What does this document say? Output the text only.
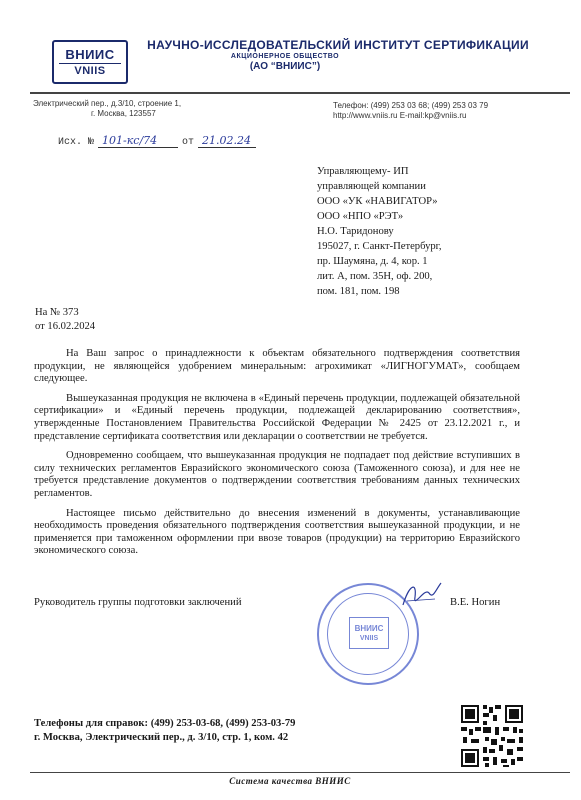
ВНИИС
VNIIS
НАУЧНО-ИССЛЕДОВАТЕЛЬСКИЙ ИНСТИТУТ СЕРТИФИКАЦИИ
АКЦИОНЕРНОЕ ОБЩЕСТВО
(АО “ВНИИС”)
Электрический пер., д.3/10, строение 1,
г. Москва, 123557
Телефон: (499) 253 03 68; (499) 253 03 79
http://www.vniis.ru E-mail:kp@vniis.ru
Исх. № 101-кс/74 от 21.02.24
Управляющему- ИП
управляющей компании
ООО «УК «НАВИГАТОР»
ООО «НПО «РЭТ»
Н.О. Таридонову
195027, г. Санкт-Петербург,
пр. Шаумяна, д. 4, кор. 1
лит. А, пом. 35Н, оф. 200,
пом. 181, пом. 198
На № 373
от 16.02.2024

На Ваш запрос о принадлежности к объектам обязательного подтверждения соответствия продукции, не являющейся удобрением минеральным: агрохимикат «ЛИГНОГУМАТ», сообщаем следующее.

Вышеуказанная продукция не включена в «Единый перечень продукции, подлежащей обязательной сертификации» и «Единый перечень продукции, подлежащей декларированию соответствия», утвержденные Постановлением Правительства Российской Федерации № 2425 от 23.12.2021 г., и представление сертификата соответствия или декларации о соответствии не требуется.

Одновременно сообщаем, что вышеуказанная продукция не подпадает под действие вступивших в силу технических регламентов Евразийского экономического союза (Таможенного союза), и для нее не требуется представление документов о подтверждении соответствия требованиям данных технических регламентов.

Настоящее письмо действительно до внесения изменений в документы, устанавливающие необходимость проведения обязательного подтверждения соответствия вышеуказанной продукции, и не применяется при таможенном оформлении при ввозе товаров (продукции) на территорию Евразийского экономического союза.

Руководитель группы подготовки заключений
ВНИИС
VNIIS
В.Е. Ногин
Телефоны для справок: (499) 253-03-68, (499) 253-03-79
г. Москва, Электрический пер., д. 3/10, стр. 1, ком. 42
Система качества ВНИИС
